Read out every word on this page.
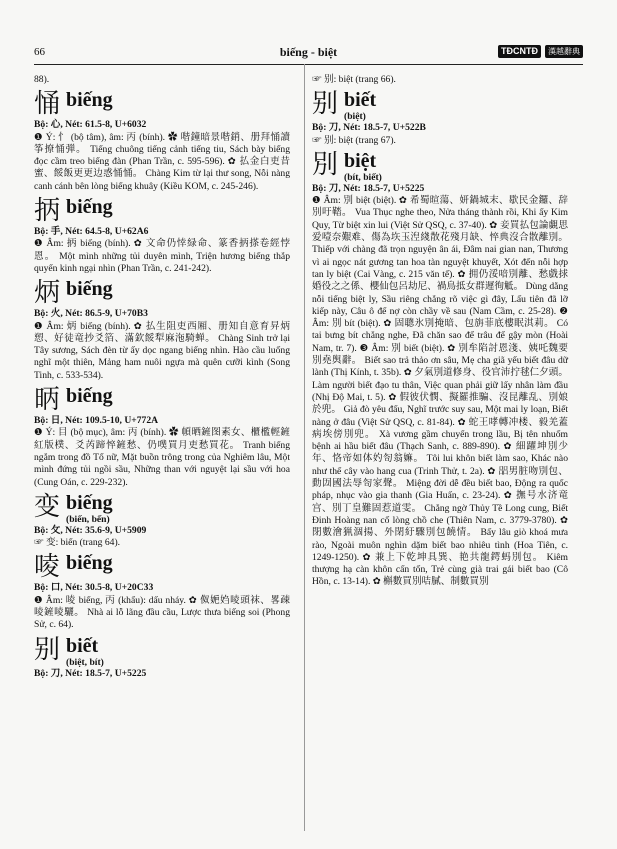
66	biếng - biệt	TĐCNTĐ	漢越辭典

88).

悀 biếng

Bộ: 心, Nét: 61.5-8, U+6032

❶ Ý: 忄 (bộ tâm), âm: 丙 (bính). ✿ 喈鐘暗景喈銷、册拜悀讀筝撩悀弾。 Tiếng chuông tiếng cảnh tiếng tiu, Sách bày biếng đọc cầm treo biếng đàn (Phan Trần, c. 595-596). ✿ 払金白吏昔蜜、餒飯更更边惑悀悀。 Chàng Kim từ lại thư song, Nỗi nàng canh cánh bên lòng biếng khuây (Kiều KOM, c. 245-246).

抦 biếng

Bộ: 手, Nét: 64.5-8, U+62A6

❶ Âm: 抦 biếng (bính). ✿ 文命仍悻緑命、篆香抦搽卷經悖恩。 Một mình những tủi duyên mình, Triện hương biếng thắp quyển kinh ngại nhìn (Phan Trần, c. 241-242).

炳 biếng

Bộ: 火, Nét: 86.5-9, U+70B3

❶ Âm: 炳 biếng (bính). ✿ 払生阻吏西厢、册知自意育昇炳愬、好徒竜抄爻箔、滿欽餒犁麻沲騎蝉。 Chàng Sinh trở lại Tây sương, Sách đèn từ ấy dọc ngang biếng nhìn. Hào cầu luống nghĩ một thiên, Mảng ham nuôi ngựa mà quên cưỡi kình (Song Tinh, c. 533-534).

昞 biếng

Bộ: 日, Nét: 109.5-10, U+772A

❶ Ý: 目 (bộ mục), âm: 丙 (bính). ✿ 幁晒鏟图素女、櫃檻輕鏟紅版樸、爻芮蹄悴鏟愁、仍噗買月吏愁買花。 Tranh biếng ngắm trong đồ Tố nữ, Mặt buồn trông trong của Nghiêm lâu, Một mình đứng tủi ngồi sầu, Những than với nguyệt lại sầu với hoa (Cung Oán, c. 229-232).

变 biếng
(biến, bến)

Bộ: 攵, Nét: 35.6-9, U+5909

☞ 变: biến (trang 64).

㖫 biếng

Bộ: 口, Nét: 30.5-8, U+20C33

❶ Âm: 㖫 biếng, 丙 (khẩu): dấu nháy. ✿ 伮㛂㛀㖫頭袜、畧疎㖫鏟㖫驪。 Nhà ai lỗ lãng đầu cầu, Lược thưa biếng soi (Phong Sử, c. 64).

别 biết
(biệt, bít)

Bộ: 刀, Nét: 18.5-7, U+5225

☞ 别: biệt (trang 66).

别 biết
(biệt)

Bộ: 刀, Nét: 18.5-7, U+522B

☞ 别: biệt (trang 67).

別 biệt
(bít, biết)

Bộ: 刀, Nét: 18.5-7, U+5225

❶ Âm: 別 biệt (biệt). ✿ 希蜀暄蕩、妍鍋城末、歇民金鑼、辞別吁鞜。 Vua Thục nghe theo, Nửa tháng thành rồi, Khi ấy Kim Quy, Từ biệt xin lui (Việt Sử QSQ, c. 37-40). ✿ 妾買払包論覷思爱噎奈艱难、傷為垁玉湼綫散花殘月缺、悴典沒合散離別。 Thiếp với chàng đã trọn nguyện ân ái, Đâm nai gian nan, Thương vì ai ngọc nát gương tan hoa tàn nguyệt khuyết, Xót đến nỗi hợp tan ly biệt (Cai Vàng, c. 215 văn tế). ✿ 拥仍浽喑別離、愁戲捄婚役之之係、櫻仙包呂劫尼、禍鳥抵女群遲徇觝。 Dùng dằng nỗi tiếng biệt ly, Sầu riêng chẳng rõ việc gì đây, Lấu tiên đã lỡ kiếp này, Câu ô để nợ còn chầy về sau (Nam Cầm, c. 25-28). ❷ Âm: 別 bít (biệt). ✿ 固聰氷別掩暗、包旃菲底樓眠淇莉。 Có tai bưng bít chẳng nghe, Đã chăn sao để trâu để gậy mòn (Hoài Nam, tr. 7). ❸ Âm: 別 biết (biệt). ✿ 別牟陷討恩淺、姨吒魏要別堯舆辭。 Biết sao trả thảo ơn sâu, Mẹ cha giã yếu biết đâu dữ lành (Thị Kính, t. 35b). ✿ 夕氣別道修身、役官沛拧毬仁夕頭。 Làm người biết đạo tu thân, Việc quan phải giữ lấy nhân làm đầu (Nhị Độ Mai, t. 5). ✿ 假彼伏憫、擬羅推騙、沒昆離乱、別娘於兜。 Giả đò yêu đấu, Nghĩ trước suy sau, Một mai ly loạn, Biết nàng ở đâu (Việt Sử QSQ, c. 81-84). ✿ 蛇王哮轉冲楼、毅羌蓋病埃傍別兜。 Xà vương gầm chuyển trong lầu, Bị tên nhuốm bệnh ai hầu biết đâu (Thạch Sanh, c. 889-890). ✿ 細躍坤別少年、恪帝如体妁匌翁嫲。 Tôi lui khôn biết làm sao, Khác nào như thể cây vào hang cua (Trinh Thử, t. 2a). ✿ 㗊男脏吻別包、動㘞國法辱匌家聲。 Miệng đời dễ đều biết bao, Động ra quốc pháp, nhục vào gia thanh (Gia Huấn, c. 23-24). ✿ 撫号水济竜宫、別丁皇難固惹道雯。 Chẳng ngờ Thủy Tề Long cung, Biết Đinh Hoàng nan cố lòng chồ che (Thiên Nam, c. 3779-3780). ✿ 閉數澮猟涸揚、外閉紆驟別包饒情。 Bấy lâu giò khoá mưa rào, Ngoài muôn nghìn dặm biết bao nhiêu tình (Hoa Tiên, c. 1249-1250). ✿ 兼上下乾坤具巽、艳共龍鍔蚂別包。 Kiêm thượng hạ càn khôn cấn tốn, Trẻ cùng già trai gái biết bao (Cô Hồn, c. 13-14). ✿ 槲數買別咭膩、制數買別
